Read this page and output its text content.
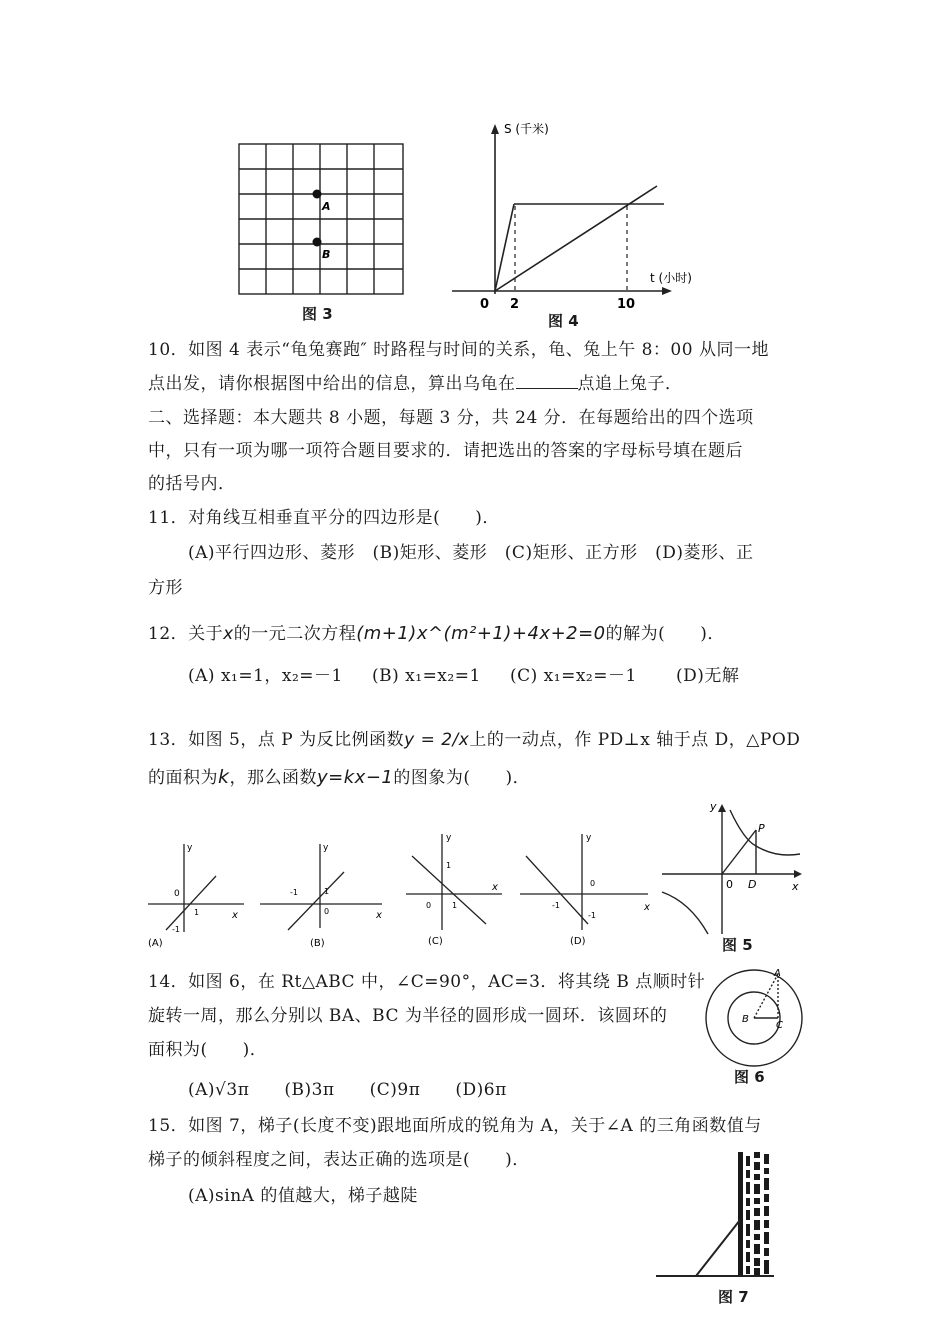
A
B
图 3
S (千米)
t (小时)
0 2	10
图 4
10．如图 4 表示“龟兔赛跑″ 时路程与时间的关系，龟、兔上午 8：00 从同一地
点出发，请你根据图中给出的信息，算出乌龟在	点追上兔子．
二、选择题：本大题共 8 小题，每题 3 分，共 24 分．在每题给出的四个选项
中，只有一项为哪一项符合题目要求的．请把选出的答案的字母标号填在题后
的括号内．
11．对角线互相垂直平分的四边形是(　　)．
(A)平行四边形、菱形　(B)矩形、菱形　(C)矩形、正方形　(D)菱形、正
方形
12．关于x的一元二次方程(m+1)x^(m²+1)+4x+2=0的解为(　　)．
(A) x₁=1，x₂=－1 (B) x₁=x₂=1 (C) x₁=x₂=－1 (D)无解
13．如图 5，点 P 为反比例函数y = 2/x上的一动点，作 PD⊥x 轴于点 D，△POD
的面积为k，那么函数y=kx−1的图象为(　　)．
y
0
1
-1
x
(A)
y
-1	1
0	x
(B)
y
1
0	1
x
(C)
y
0
-1
-1
x
(D)
y
P
0 D	x
图 5
14．如图 6，在 Rt△ABC 中，∠C=90°，AC=3．将其绕 B 点顺时针
旋转一周，那么分别以 BA、BC 为半径的圆形成一圆环．该圆环的
面积为(　　)．
(A)√3π　　(B)3π　　(C)9π　　(D)6π
A
B
C
图 6
15．如图 7，梯子(长度不变)跟地面所成的锐角为 A，关于∠A 的三角函数值与
梯子的倾斜程度之间，表达正确的选项是(　　)．
(A)sinA 的值越大，梯子越陡
图 7
